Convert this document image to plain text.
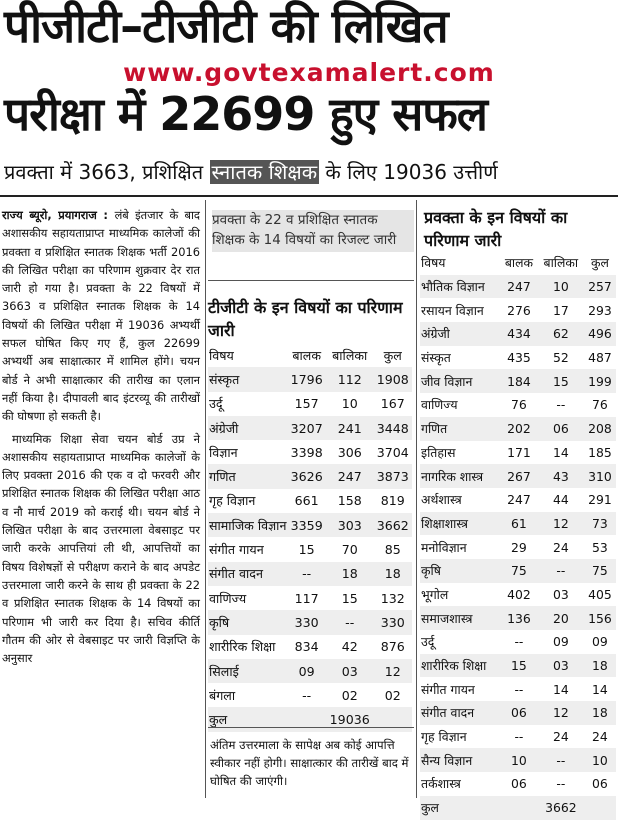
पीजीटी–टीजीटी की लिखित
www.govtexamalert.com
परीक्षा में 22699 हुए सफल
प्रवक्ता में 3663, प्रशिक्षित स्नातक शिक्षक के लिए 19036 उत्तीर्ण

राज्य ब्यूरो, प्रयागराज : लंबे इंतजार के बाद अशासकीय सहायताप्राप्त माध्यमिक कालेजों की प्रवक्ता व प्रशिक्षित स्नातक शिक्षक भर्ती 2016 की लिखित परीक्षा का परिणाम शुक्रवार देर रात जारी हो गया है। प्रवक्ता के 22 विषयों में 3663 व प्रशिक्षित स्नातक शिक्षक के 14 विषयों की लिखित परीक्षा में 19036 अभ्यर्थी सफल घोषित किए गए हैं, कुल 22699 अभ्यर्थी अब साक्षात्कार में शामिल होंगे। चयन बोर्ड ने अभी साक्षात्कार की तारीख का एलान नहीं किया है। दीपावली बाद इंटरव्यू की तारीखों की घोषणा हो सकती है।

माध्यमिक शिक्षा सेवा चयन बोर्ड उप्र ने अशासकीय सहायताप्राप्त माध्यमिक कालेजों के लिए प्रवक्ता 2016 की एक व दो फरवरी और प्रशिक्षित स्नातक शिक्षक की लिखित परीक्षा आठ व नौ मार्च 2019 को कराई थी। चयन बोर्ड ने लिखित परीक्षा के बाद उत्तरमाला वेबसाइट पर जारी करके आपत्तियां ली थी, आपत्तियों का विषय विशेषज्ञों से परीक्षण कराने के बाद अपडेट उत्तरमाला जारी करने के साथ ही प्रवक्ता के 22 व प्रशिक्षित स्नातक शिक्षक के 14 विषयों का परिणाम भी जारी कर दिया है। सचिव कीर्ति गौतम की ओर से वेबसाइट पर जारी विज्ञप्ति के अनुसार

प्रवक्ता के 22 व प्रशिक्षित स्नातक शिक्षक के 14 विषयों का रिजल्ट जारी
टीजीटी के इन विषयों का परिणाम जारी
विषय	बालक	बालिका	कुल
संस्कृत	1796	112	1908
उर्दू	157	10	167
अंग्रेजी	3207	241	3448
विज्ञान	3398	306	3704
गणित	3626	247	3873
गृह विज्ञान	661	158	819
सामाजिक विज्ञान	3359	303	3662
संगीत गायन	15	70	85
संगीत वादन	--	18	18
वाणिज्य	117	15	132
कृषि	330	--	330
शारीरिक शिक्षा	834	42	876
सिलाई	09	03	12
बंगला	--	02	02
कुल		19036	
अंतिम उत्तरमाला के सापेक्ष अब कोई आपत्ति स्वीकार नहीं होगी। साक्षात्कार की तारीखें बाद में घोषित की जाएंगी।
प्रवक्ता के इन विषयों का परिणाम जारी
विषय	बालक	बालिका	कुल
भौतिक विज्ञान	247	10	257
रसायन विज्ञान	276	17	293
अंग्रेजी	434	62	496
संस्कृत	435	52	487
जीव विज्ञान	184	15	199
वाणिज्य	76	--	76
गणित	202	06	208
इतिहास	171	14	185
नागरिक शास्त्र	267	43	310
अर्थशास्त्र	247	44	291
शिक्षाशास्त्र	61	12	73
मनोविज्ञान	29	24	53
कृषि	75	--	75
भूगोल	402	03	405
समाजशास्त्र	136	20	156
उर्दू	--	09	09
शारीरिक शिक्षा	15	03	18
संगीत गायन	--	14	14
संगीत वादन	06	12	18
गृह विज्ञान	--	24	24
सैन्य विज्ञान	10	--	10
तर्कशास्त्र	06	--	06
कुल		3662	
